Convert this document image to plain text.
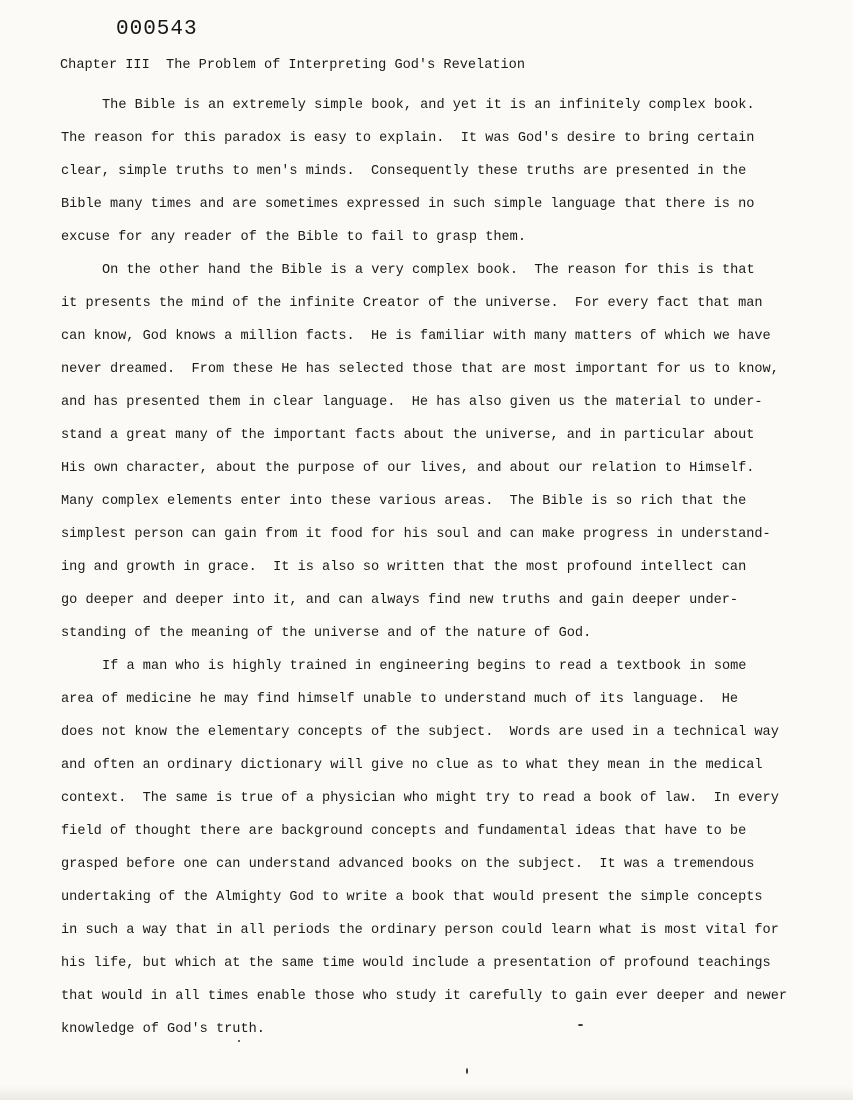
000543
Chapter III  The Problem of Interpreting God's Revelation
The Bible is an extremely simple book, and yet it is an infinitely complex book.
The reason for this paradox is easy to explain.  It was God's desire to bring certain
clear, simple truths to men's minds.  Consequently these truths are presented in the
Bible many times and are sometimes expressed in such simple language that there is no
excuse for any reader of the Bible to fail to grasp them.
On the other hand the Bible is a very complex book.  The reason for this is that
it presents the mind of the infinite Creator of the universe.  For every fact that man
can know, God knows a million facts.  He is familiar with many matters of which we have
never dreamed.  From these He has selected those that are most important for us to know,
and has presented them in clear language.  He has also given us the material to under-
stand a great many of the important facts about the universe, and in particular about
His own character, about the purpose of our lives, and about our relation to Himself.
Many complex elements enter into these various areas.  The Bible is so rich that the
simplest person can gain from it food for his soul and can make progress in understand-
ing and growth in grace.  It is also so written that the most profound intellect can
go deeper and deeper into it, and can always find new truths and gain deeper under-
standing of the meaning of the universe and of the nature of God.
If a man who is highly trained in engineering begins to read a textbook in some
area of medicine he may find himself unable to understand much of its language.  He
does not know the elementary concepts of the subject.  Words are used in a technical way
and often an ordinary dictionary will give no clue as to what they mean in the medical
context.  The same is true of a physician who might try to read a book of law.  In every
field of thought there are background concepts and fundamental ideas that have to be
grasped before one can understand advanced books on the subject.  It was a tremendous
undertaking of the Almighty God to write a book that would present the simple concepts
in such a way that in all periods the ordinary person could learn what is most vital for
his life, but which at the same time would include a presentation of profound teachings
that would in all times enable those who study it carefully to gain ever deeper and newer
knowledge of God's truth.
